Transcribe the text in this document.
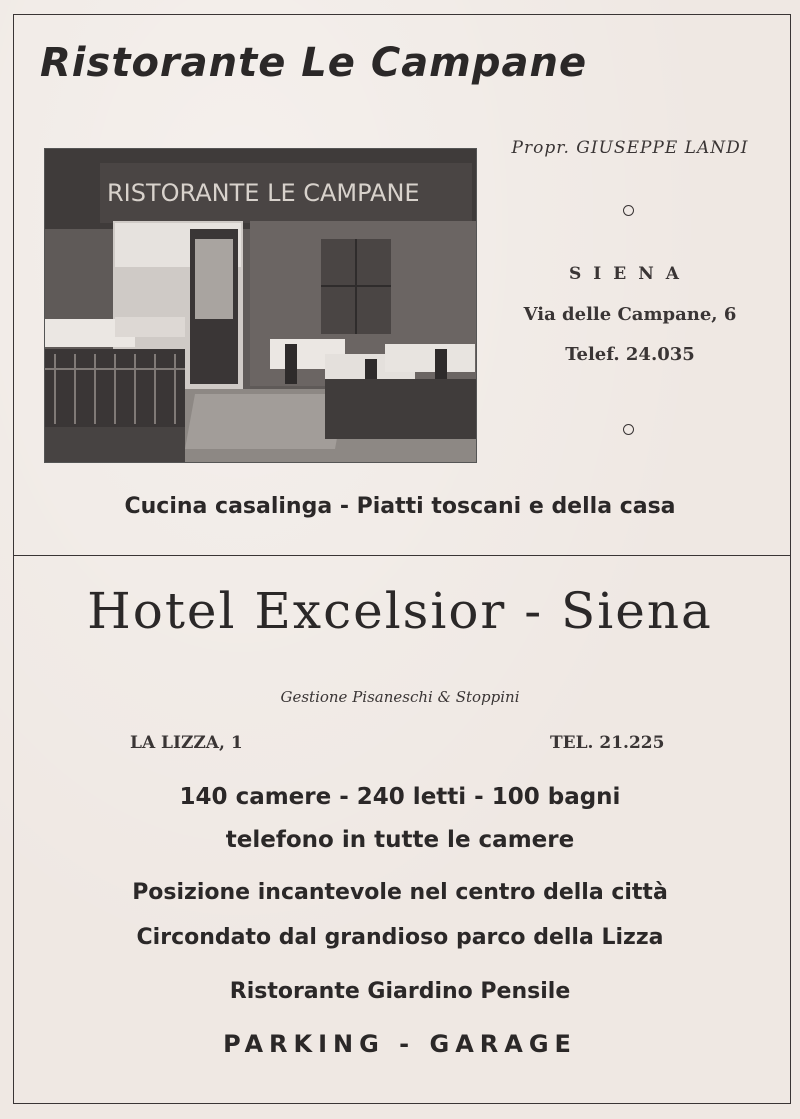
Ristorante Le Campane
RISTORANTE LE CAMPANE
Propr. GIUSEPPE LANDI
SIENA
Via delle Campane, 6
Telef. 24.035
Cucina casalinga - Piatti toscani e della casa
Hotel Excelsior - Siena
Gestione Pisaneschi & Stoppini
LA LIZZA, 1	TEL. 21.225
140 camere - 240 letti - 100 bagni
telefono in tutte le camere
Posizione incantevole nel centro della città
Circondato dal grandioso parco della Lizza
Ristorante Giardino Pensile
PARKING - GARAGE
